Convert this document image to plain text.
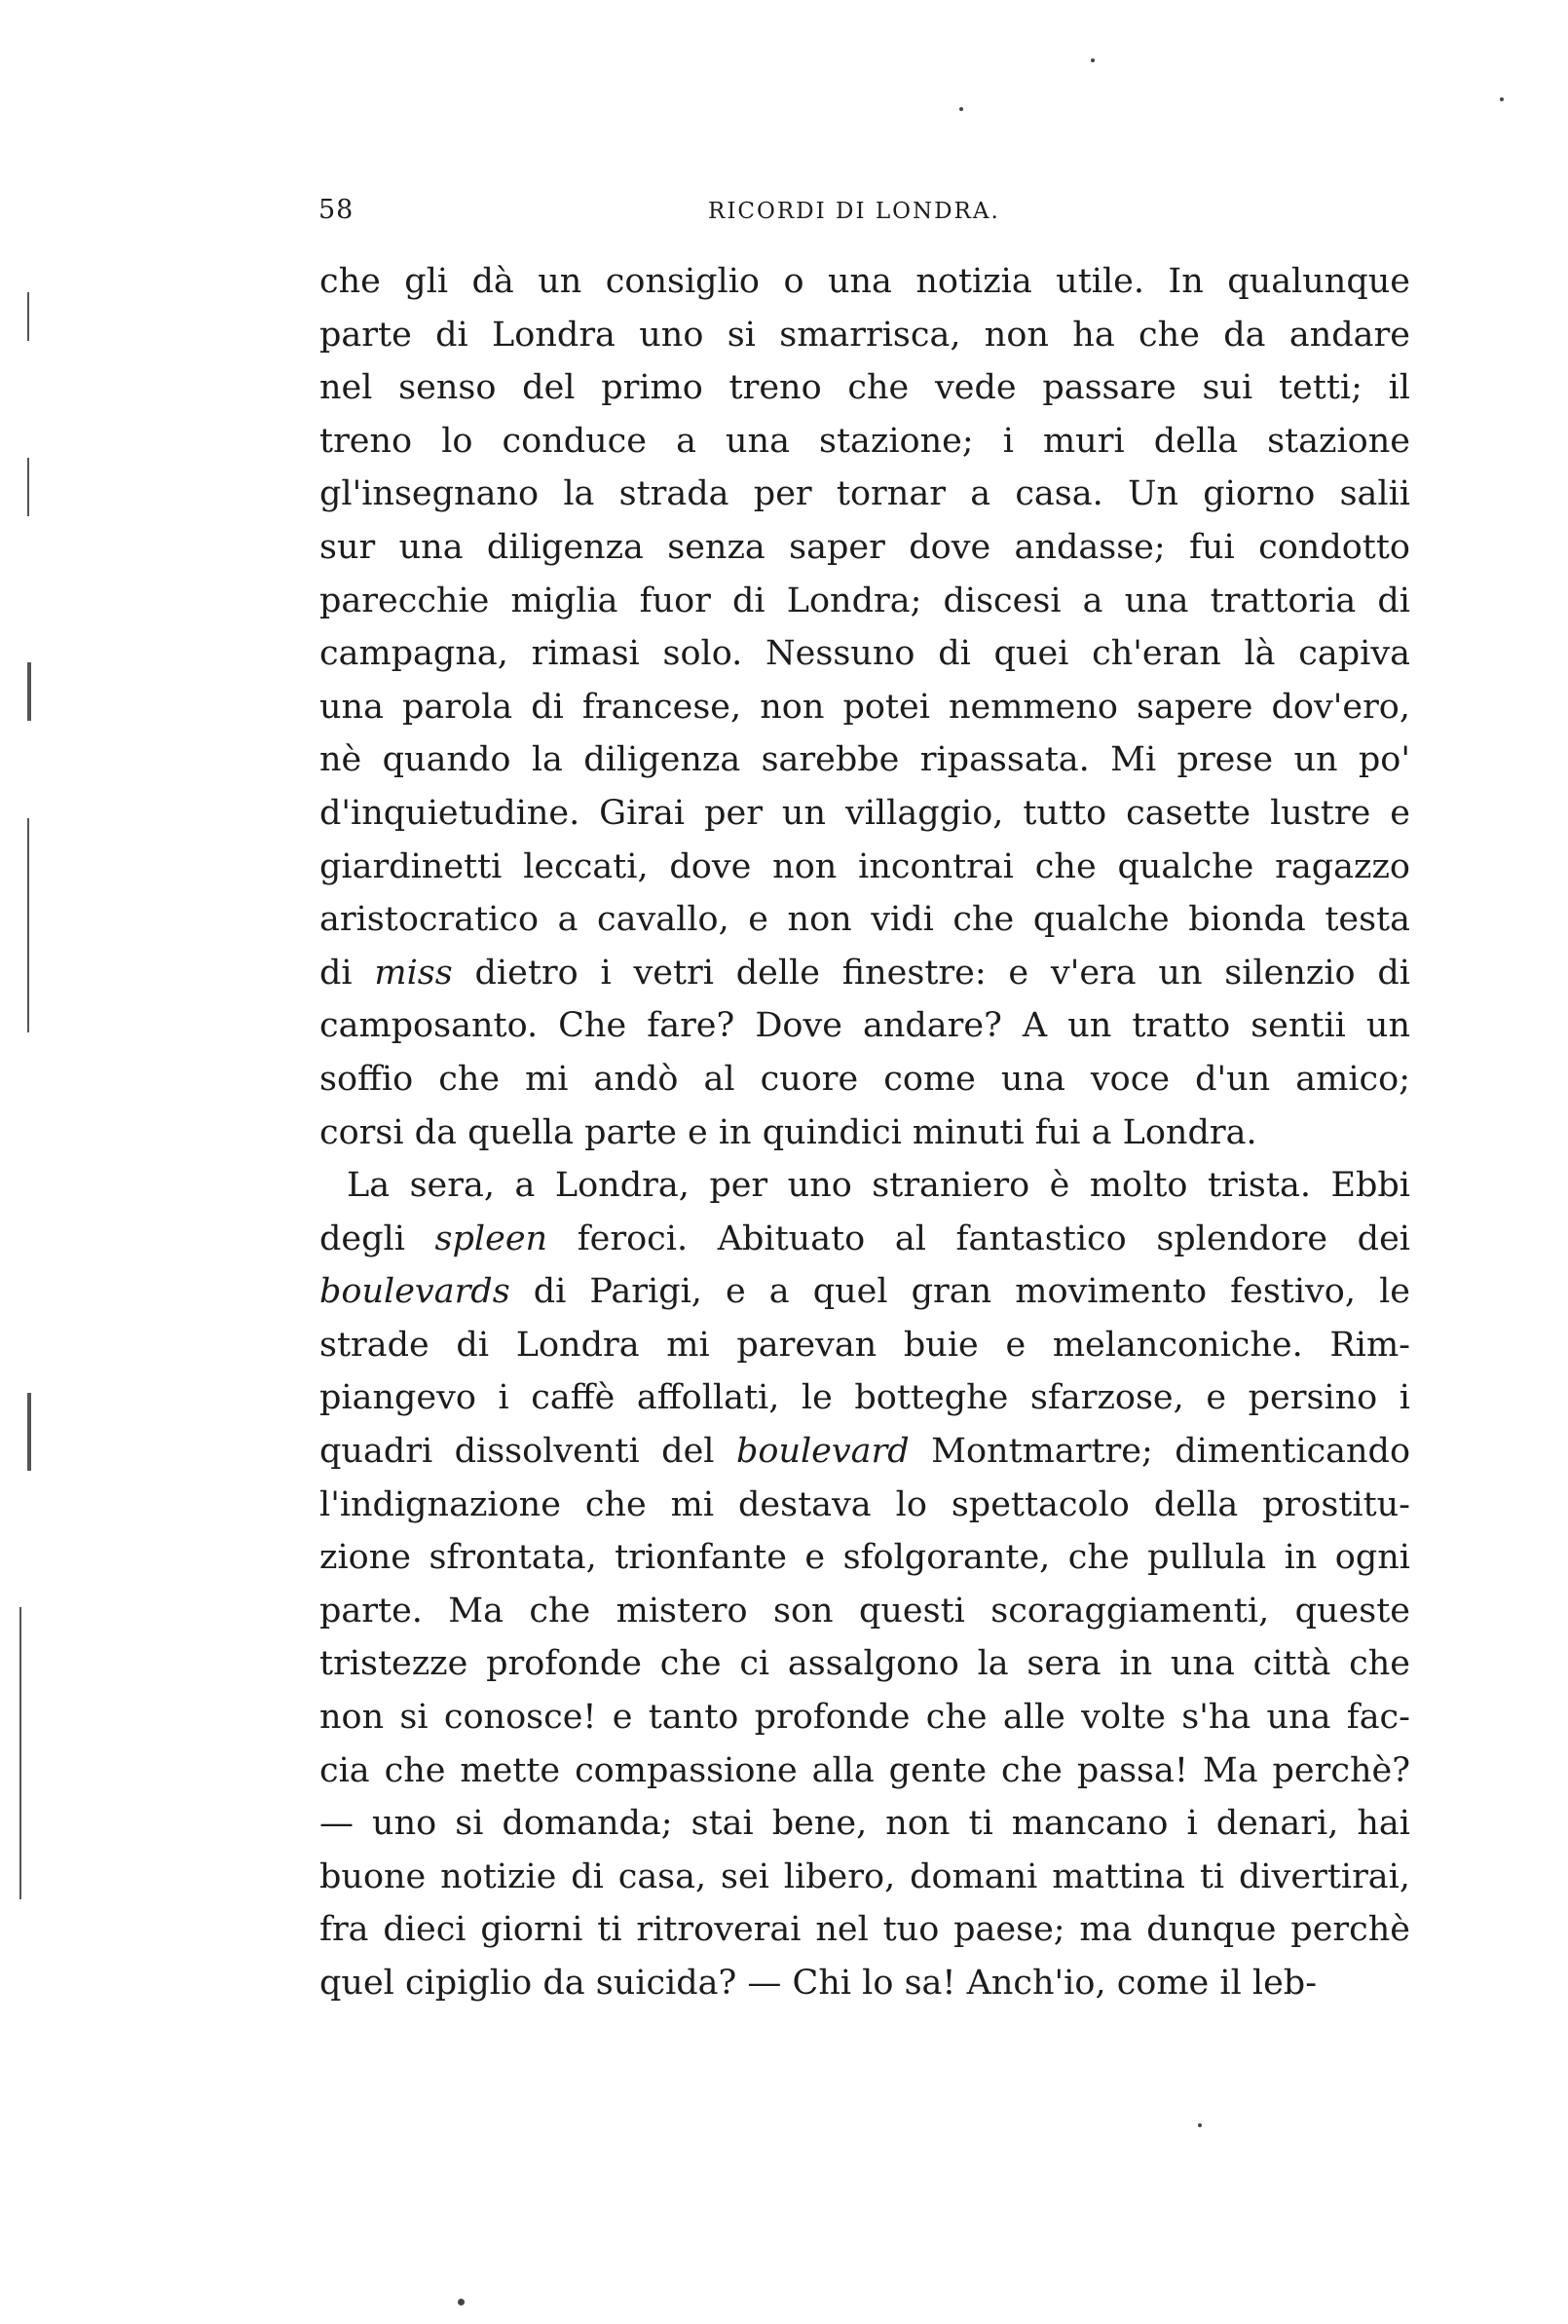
58	RICORDI DI LONDRA.
che gli dà un consiglio o una notizia utile. In qualunque
parte di Londra uno si smarrisca, non ha che da andare
nel senso del primo treno che vede passare sui tetti; il
treno lo conduce a una stazione; i muri della stazione
gl'insegnano la strada per tornar a casa. Un giorno salii
sur una diligenza senza saper dove andasse; fui condotto
parecchie miglia fuor di Londra; discesi a una trattoria di
campagna, rimasi solo. Nessuno di quei ch'eran là capiva
una parola di francese, non potei nemmeno sapere dov'ero,
nè quando la diligenza sarebbe ripassata. Mi prese un po'
d'inquietudine. Girai per un villaggio, tutto casette lustre e
giardinetti leccati, dove non incontrai che qualche ragazzo
aristocratico a cavallo, e non vidi che qualche bionda testa
di miss dietro i vetri delle finestre: e v'era un silenzio di
camposanto. Che fare? Dove andare? A un tratto sentii un
soffio che mi andò al cuore come una voce d'un amico;
corsi da quella parte e in quindici minuti fui a Londra.
La sera, a Londra, per uno straniero è molto trista. Ebbi
degli spleen feroci. Abituato al fantastico splendore dei
boulevards di Parigi, e a quel gran movimento festivo, le
strade di Londra mi parevan buie e melanconiche. Rim-
piangevo i caffè affollati, le botteghe sfarzose, e persino i
quadri dissolventi del boulevard Montmartre; dimenticando
l'indignazione che mi destava lo spettacolo della prostitu-
zione sfrontata, trionfante e sfolgorante, che pullula in ogni
parte. Ma che mistero son questi scoraggiamenti, queste
tristezze profonde che ci assalgono la sera in una città che
non si conosce! e tanto profonde che alle volte s'ha una fac-
cia che mette compassione alla gente che passa! Ma perchè?
— uno si domanda; stai bene, non ti mancano i denari, hai
buone notizie di casa, sei libero, domani mattina ti divertirai,
fra dieci giorni ti ritroverai nel tuo paese; ma dunque perchè
quel cipiglio da suicida? — Chi lo sa! Anch'io, come il leb-
